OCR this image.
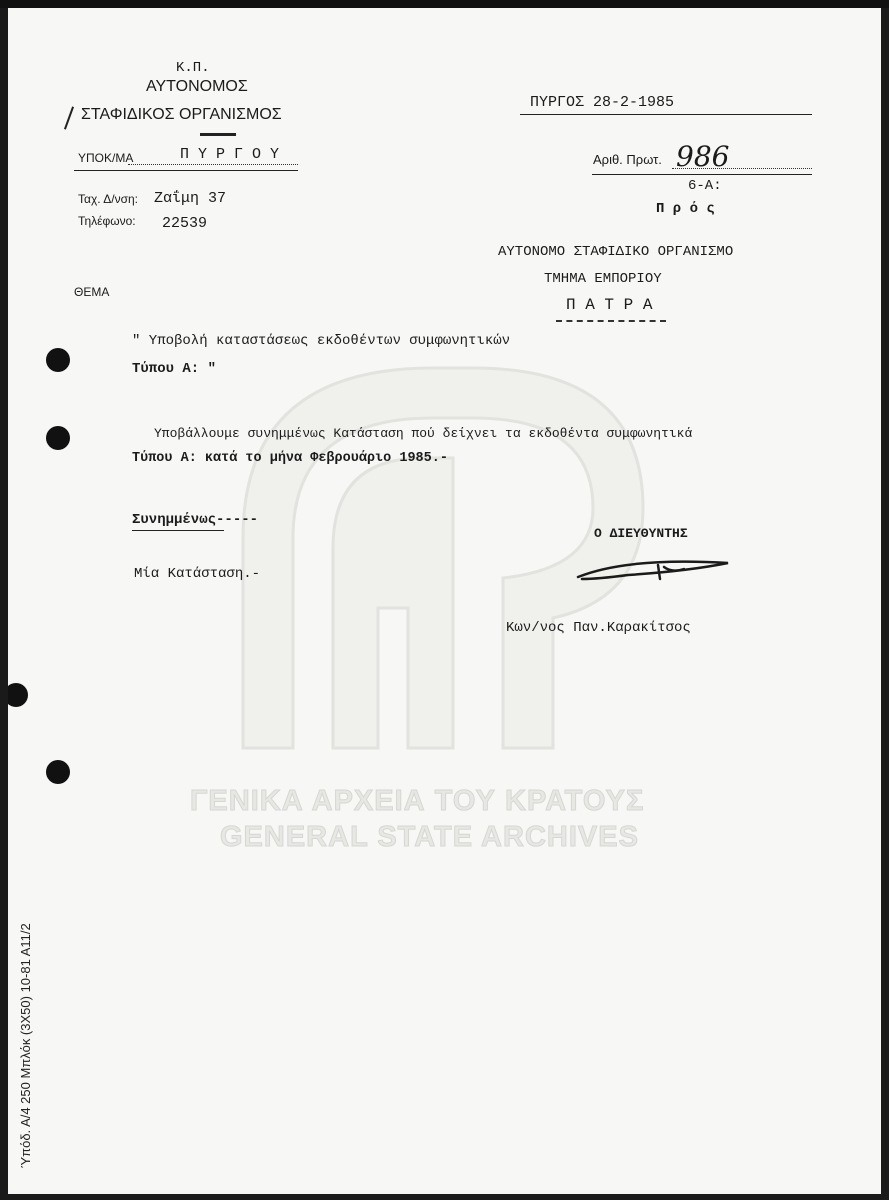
ΓΕΝΙΚΑ ΑΡΧΕΙΑ ΤΟΥ ΚΡΑΤΟΥΣ
GENERAL STATE ARCHIVES
Κ.Π.
ΑΥΤΟΝΟΜΟΣ
ΣΤΑΦΙΔΙΚΟΣ ΟΡΓΑΝΙΣΜΟΣ
ΥΠΟΚ/ΜΑ	Π Υ Ρ Γ Ο Υ
Ταχ. Δ/νση: Ζαΐμη 37
Τηλέφωνο: 22539
ΠΥΡΓΟΣ 28-2-1985
Αριθ. Πρωτ. 986
6-Α:
Π ρ ό ς
ΑΥΤΟΝΟΜΟ ΣΤΑΦΙΔΙΚΟ ΟΡΓΑΝΙΣΜΟ
ΤΜΗΜΑ ΕΜΠΟΡΙΟΥ
Π Α Τ Ρ Α
ΘΕΜΑ
" Υποβολή καταστάσεως εκδοθέντων συμφωνητικών
Τύπου Α: "
Υποβάλλουμε συνημμένως Κατάσταση πού δείχνει τα εκδοθέντα συμφωνητικά
Τύπου Α: κατά το μήνα Φεβρουάριο 1985.-
Συνημμένως-----
Μία Κατάσταση.-
Ο ΔΙΕΥΘΥΝΤΗΣ
Κων/νος Παν.Καρακίτσος
Ύπόδ. Α/4 250 Μπλόκ (3Χ50) 10-81 Α11/2
